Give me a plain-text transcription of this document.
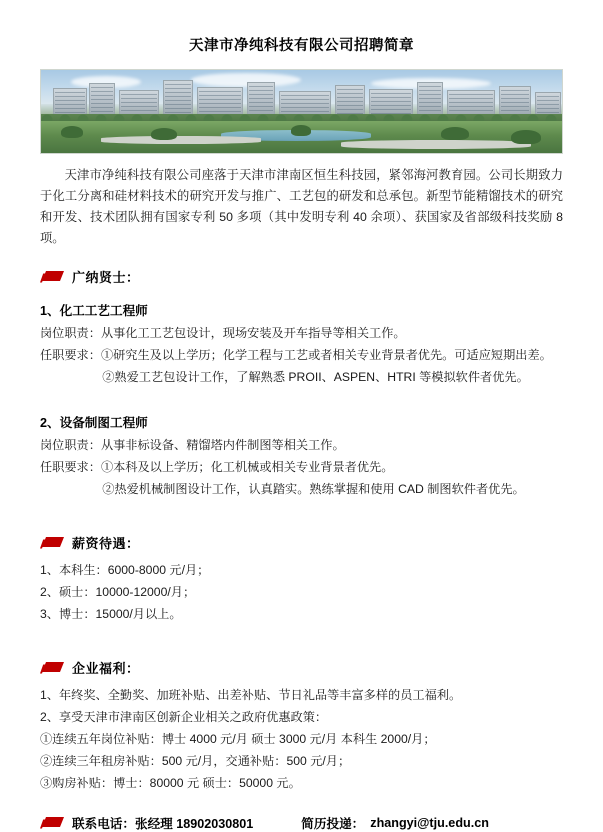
天津市净纯科技有限公司招聘简章

天津市净纯科技有限公司座落于天津市津南区恒生科技园，紧邻海河教育园。公司长期致力于化工分离和硅材料技术的研究开发与推广、工艺包的研发和总承包。新型节能精馏技术的研究和开发、技术团队拥有国家专利 50 多项（其中发明专利 40 余项）、获国家及省部级科技奖励 8 项。

广纳贤士：
1、化工工艺工程师
岗位职责：从事化工工艺包设计，现场安装及开车指导等相关工作。
任职要求：①研究生及以上学历；化学工程与工艺或者相关专业背景者优先。可适应短期出差。
②熟爱工艺包设计工作，了解熟悉 PROII、ASPEN、HTRI 等模拟软件者优先。
2、设备制图工程师
岗位职责：从事非标设备、精馏塔内件制图等相关工作。
任职要求：①本科及以上学历；化工机械或相关专业背景者优先。
②热爱机械制图设计工作，认真踏实。熟练掌握和使用 CAD 制图软件者优先。
薪资待遇：
1、本科生：6000-8000 元/月；
2、硕士：10000-12000/月；
3、博士：15000/月以上。
企业福利：
1、年终奖、全勤奖、加班补贴、出差补贴、节日礼品等丰富多样的员工福利。
2、享受天津市津南区创新企业相关之政府优惠政策：
①连续五年岗位补贴：博士 4000 元/月 硕士 3000 元/月 本科生 2000/月；
②连续三年租房补贴：500 元/月，交通补贴：500 元/月；
③购房补贴：博士：80000 元 硕士：50000 元。
联系电话：张经理 18902030801	简历投递： zhangyi@tju.edu.cn
